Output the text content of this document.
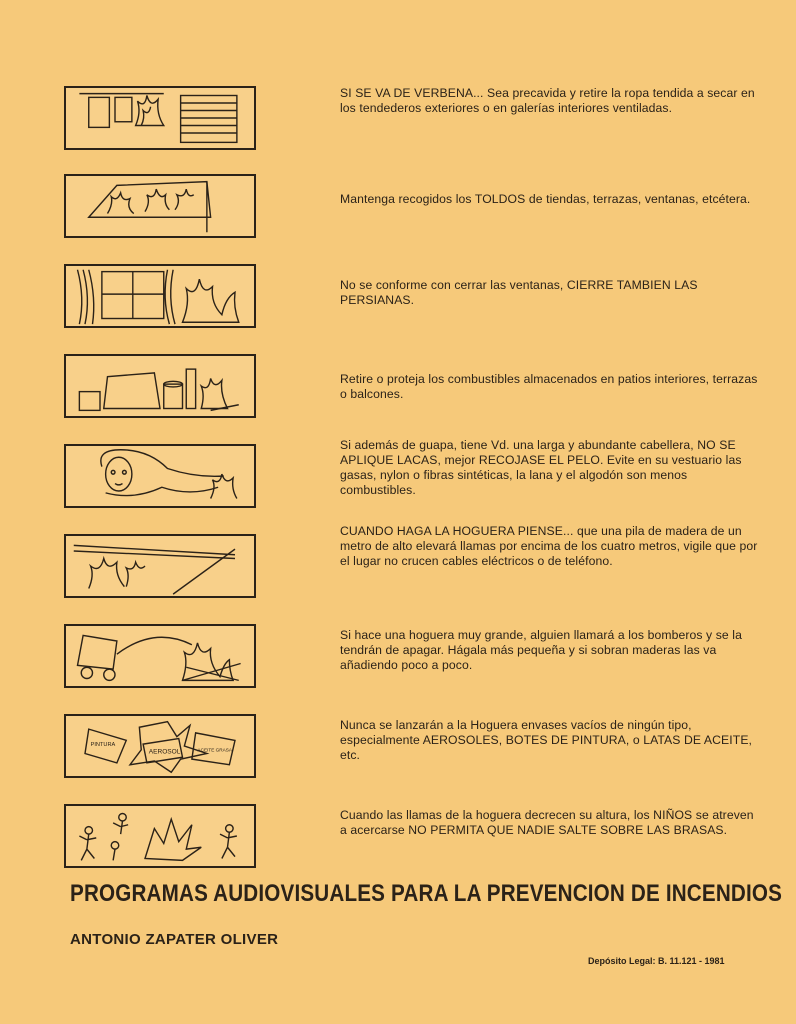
SI SE VA DE VERBENA... Sea precavida y retire la ropa tendida a secar en los tendederos exteriores o en galerías interiores ventiladas.
Mantenga recogidos los TOLDOS de tiendas, terrazas, ventanas, etcétera.
No se conforme con cerrar las ventanas, CIERRE TAMBIEN LAS PERSIANAS.
Retire o proteja los combustibles almacenados en patios interiores, terrazas o balcones.
Si además de guapa, tiene Vd. una larga y abundante cabellera, NO SE APLIQUE LACAS, mejor RECOJASE EL PELO. Evite en su vestuario las gasas, nylon o fibras sintéticas, la lana y el algodón son menos combustibles.
CUANDO HAGA LA HOGUERA PIENSE... que una pila de madera de un metro de alto elevará llamas por encima de los cuatro metros, vigile que por el lugar no crucen cables eléctricos o de teléfono.
Si hace una hoguera muy grande, alguien llamará a los bomberos y se la tendrán de apagar. Hágala más pequeña y si sobran maderas las va añadiendo poco a poco.
PINTURA
AEROSOL	ACEITE GRASA
Nunca se lanzarán a la Hoguera envases vacíos de ningún tipo, especialmente AEROSOLES, BOTES DE PINTURA, o LATAS DE ACEITE, etc.
Cuando las llamas de la hoguera decrecen su altura, los NIÑOS se atreven a acercarse NO PERMITA QUE NADIE SALTE SOBRE LAS BRASAS.
PROGRAMAS AUDIOVISUALES PARA LA PREVENCION DE INCENDIOS
ANTONIO ZAPATER OLIVER
Depósito Legal: B. 11.121 - 1981
